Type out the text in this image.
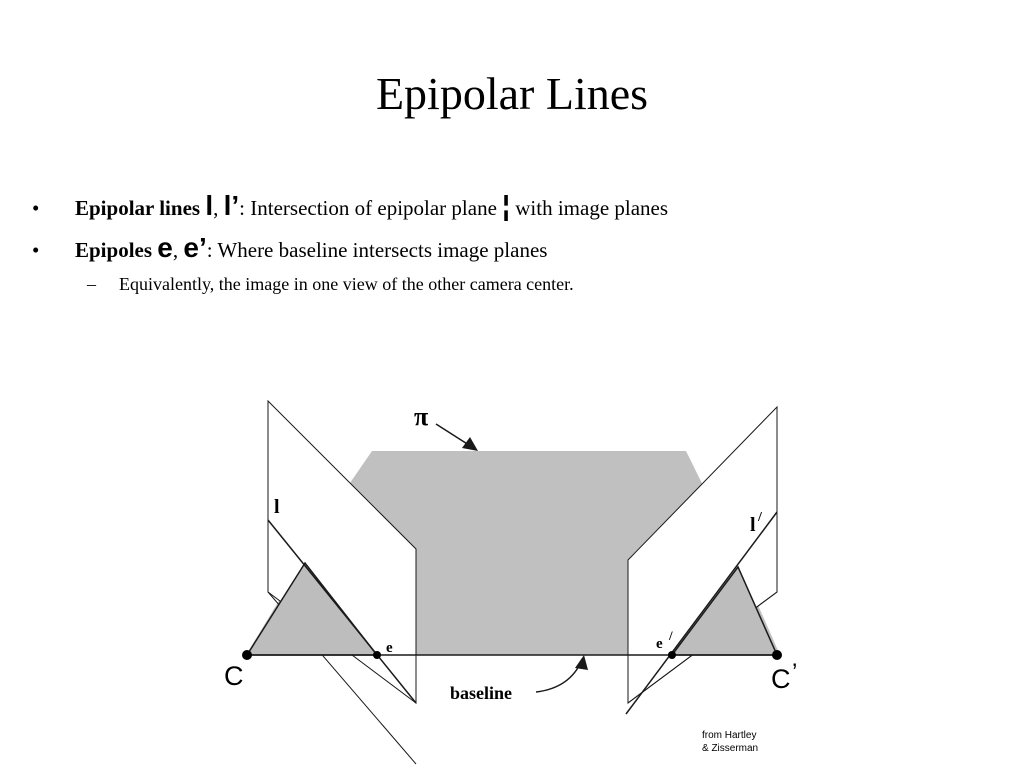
Epipolar Lines
•	Epipolar lines l, l’: Intersection of epipolar plane ¦ with image planes
•	Epipoles e, e’: Where baseline intersects image planes
–	Equivalently, the image in one view of the other camera center.
π
l
l /
e	e
/
baseline
C	C ’
from Hartley
& Zisserman
